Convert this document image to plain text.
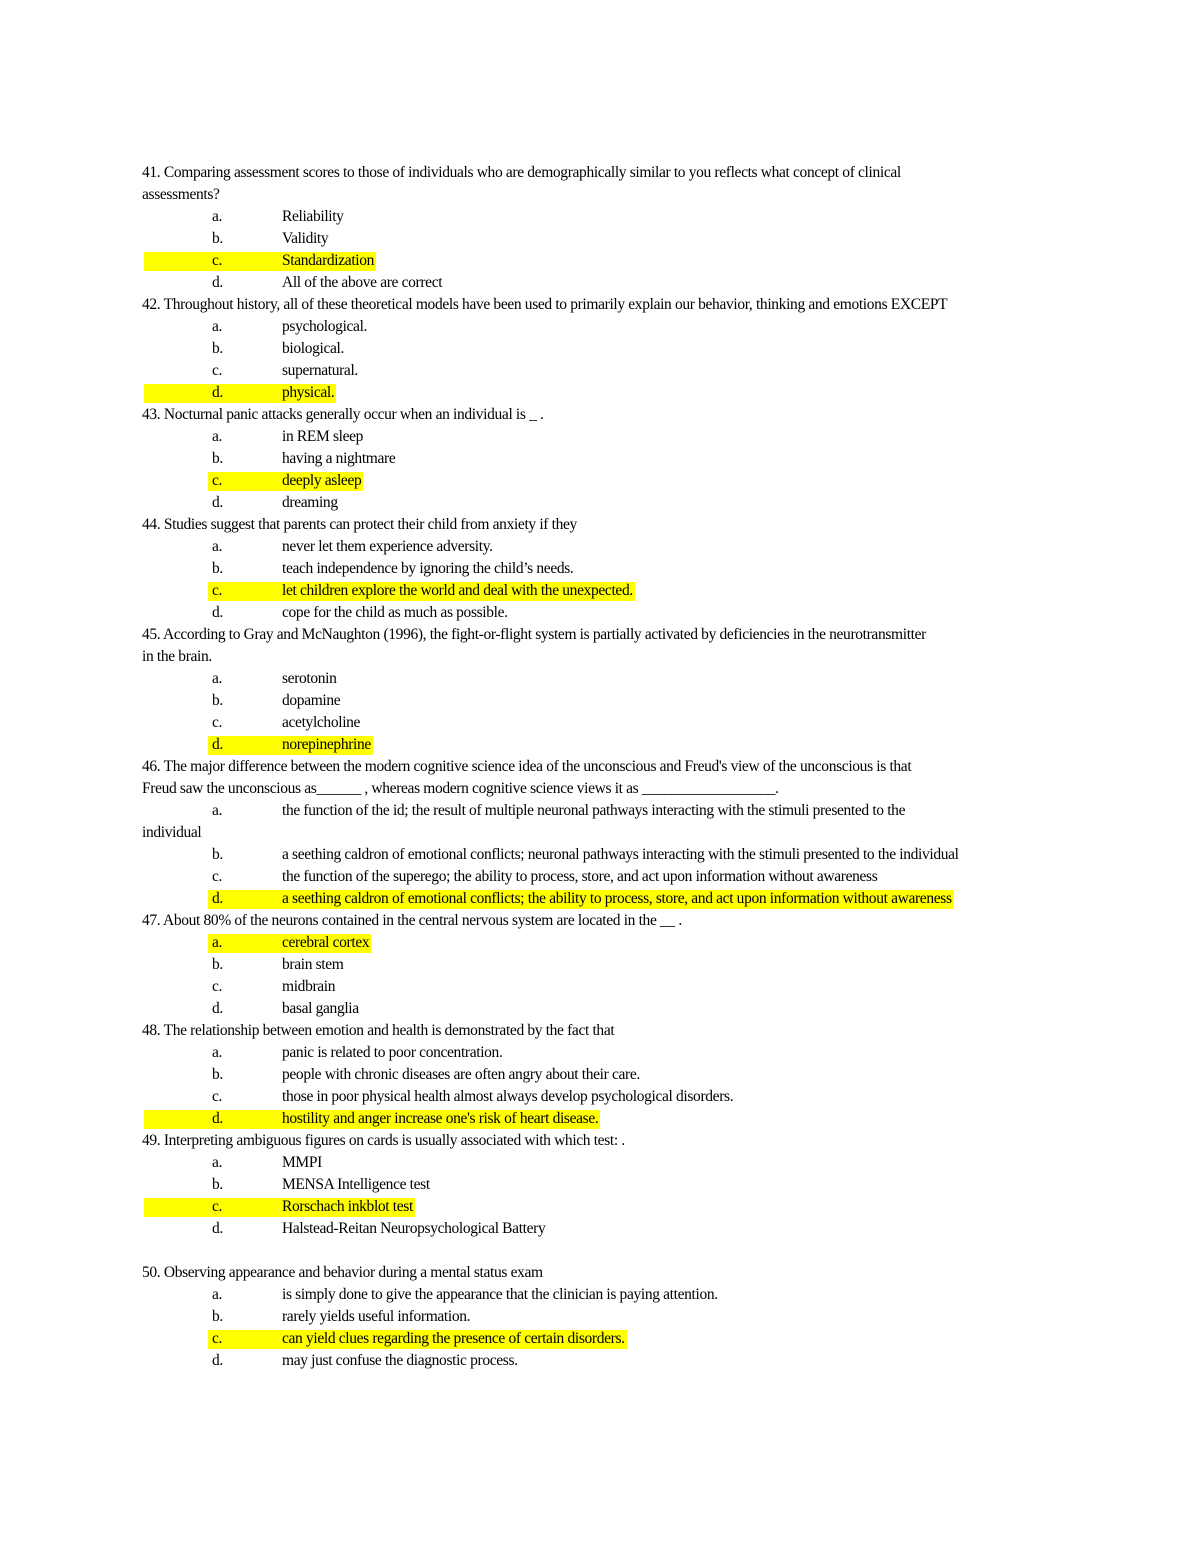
41. Comparing assessment scores to those of individuals who are demographically similar to you reflects what concept of clinical
assessments?
a.	Reliability
b.	Validity
c.	Standardization
d.	All of the above are correct
42. Throughout history, all of these theoretical models have been used to primarily explain our behavior, thinking and emotions EXCEPT
a.	psychological.
b.	biological.
c.	supernatural.
d.	physical.
43. Nocturnal panic attacks generally occur when an individual is _ .
a.	in REM sleep
b.	having a nightmare
c.	deeply asleep
d.	dreaming
44. Studies suggest that parents can protect their child from anxiety if they
a.	never let them experience adversity.
b.	teach independence by ignoring the child’s needs.
c.	let children explore the world and deal with the unexpected.
d.	cope for the child as much as possible.
45. According to Gray and McNaughton (1996), the fight-or-flight system is partially activated by deficiencies in the neurotransmitter
in the brain.
a.	serotonin
b.	dopamine
c.	acetylcholine
d.	norepinephrine
46. The major difference between the modern cognitive science idea of the unconscious and Freud's view of the unconscious is that
Freud saw the unconscious as______ , whereas modern cognitive science views it as __________________.
a.	the function of the id; the result of multiple neuronal pathways interacting with the stimuli presented to the
individual
b.	a seething caldron of emotional conflicts; neuronal pathways interacting with the stimuli presented to the individual
c.	the function of the superego; the ability to process, store, and act upon information without awareness
d.	a seething caldron of emotional conflicts; the ability to process, store, and act upon information without awareness
47. About 80% of the neurons contained in the central nervous system are located in the __ .
a.	cerebral cortex
b.	brain stem
c.	midbrain
d.	basal ganglia
48. The relationship between emotion and health is demonstrated by the fact that
a.	panic is related to poor concentration.
b.	people with chronic diseases are often angry about their care.
c.	those in poor physical health almost always develop psychological disorders.
d.	hostility and anger increase one's risk of heart disease.
49. Interpreting ambiguous figures on cards is usually associated with which test: .
a.	MMPI
b.	MENSA Intelligence test
c.	Rorschach inkblot test
d.	Halstead-Reitan Neuropsychological Battery
50. Observing appearance and behavior during a mental status exam
a.	is simply done to give the appearance that the clinician is paying attention.
b.	rarely yields useful information.
c.	can yield clues regarding the presence of certain disorders.
d.	may just confuse the diagnostic process.
